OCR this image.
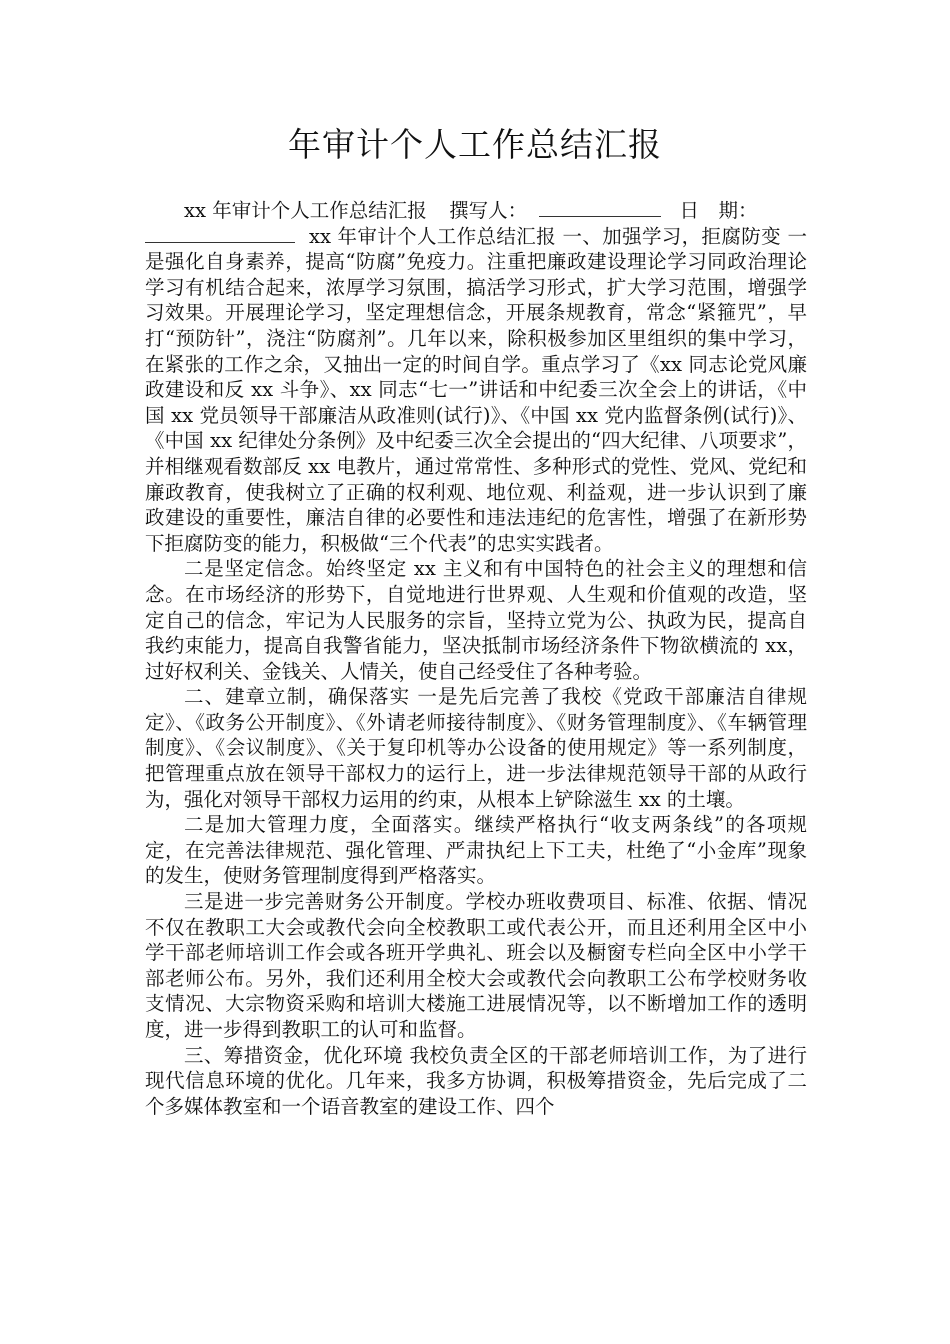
年审计个人工作总结汇报

xx 年审计个人工作总结汇报 撰写人：	日　期：

xx 年审计个人工作总结汇报 一、加强学习，拒腐防变 一是强化自身素养，提高“防腐”免疫力。注重把廉政建设理论学习同政治理论学习有机结合起来，浓厚学习氛围，搞活学习形式，扩大学习范围，增强学习效果。开展理论学习，坚定理想信念，开展条规教育，常念“紧箍咒”，早打“预防针”，浇注“防腐剂”。几年以来，除积极参加区里组织的集中学习，在紧张的工作之余，又抽出一定的时间自学。重点学习了《xx 同志论党风廉政建设和反 xx 斗争》、xx 同志“七一”讲话和中纪委三次全会上的讲话，《中国 xx 党员领导干部廉洁从政准则(试行)》、《中国 xx 党内监督条例(试行)》、《中国 xx 纪律处分条例》及中纪委三次全会提出的“四大纪律、八项要求”，并相继观看数部反 xx 电教片，通过常常性、多种形式的党性、党风、党纪和廉政教育，使我树立了正确的权利观、地位观、利益观，进一步认识到了廉政建设的重要性，廉洁自律的必要性和违法违纪的危害性，增强了在新形势下拒腐防变的能力，积极做“三个代表”的忠实实践者。

二是坚定信念。始终坚定 xx 主义和有中国特色的社会主义的理想和信念。在市场经济的形势下，自觉地进行世界观、人生观和价值观的改造，坚定自己的信念，牢记为人民服务的宗旨，坚持立党为公、执政为民，提高自我约束能力，提高自我警省能力，坚决抵制市场经济条件下物欲横流的 xx，过好权利关、金钱关、人情关，使自己经受住了各种考验。

二、建章立制，确保落实 一是先后完善了我校《党政干部廉洁自律规定》、《政务公开制度》、《外请老师接待制度》、《财务管理制度》、《车辆管理制度》、《会议制度》、《关于复印机等办公设备的使用规定》等一系列制度，把管理重点放在领导干部权力的运行上，进一步法律规范领导干部的从政行为，强化对领导干部权力运用的约束，从根本上铲除滋生 xx 的土壤。

二是加大管理力度，全面落实。继续严格执行“收支两条线”的各项规定，在完善法律规范、强化管理、严肃执纪上下工夫，杜绝了“小金库”现象的发生，使财务管理制度得到严格落实。

三是进一步完善财务公开制度。学校办班收费项目、标准、依据、情况不仅在教职工大会或教代会向全校教职工或代表公开，而且还利用全区中小学干部老师培训工作会或各班开学典礼、班会以及橱窗专栏向全区中小学干部老师公布。另外，我们还利用全校大会或教代会向教职工公布学校财务收支情况、大宗物资采购和培训大楼施工进展情况等，以不断增加工作的透明度，进一步得到教职工的认可和监督。

三、筹措资金，优化环境 我校负责全区的干部老师培训工作，为了进行现代信息环境的优化。几年来，我多方协调，积极筹措资金，先后完成了二个多媒体教室和一个语音教室的建设工作、四个
